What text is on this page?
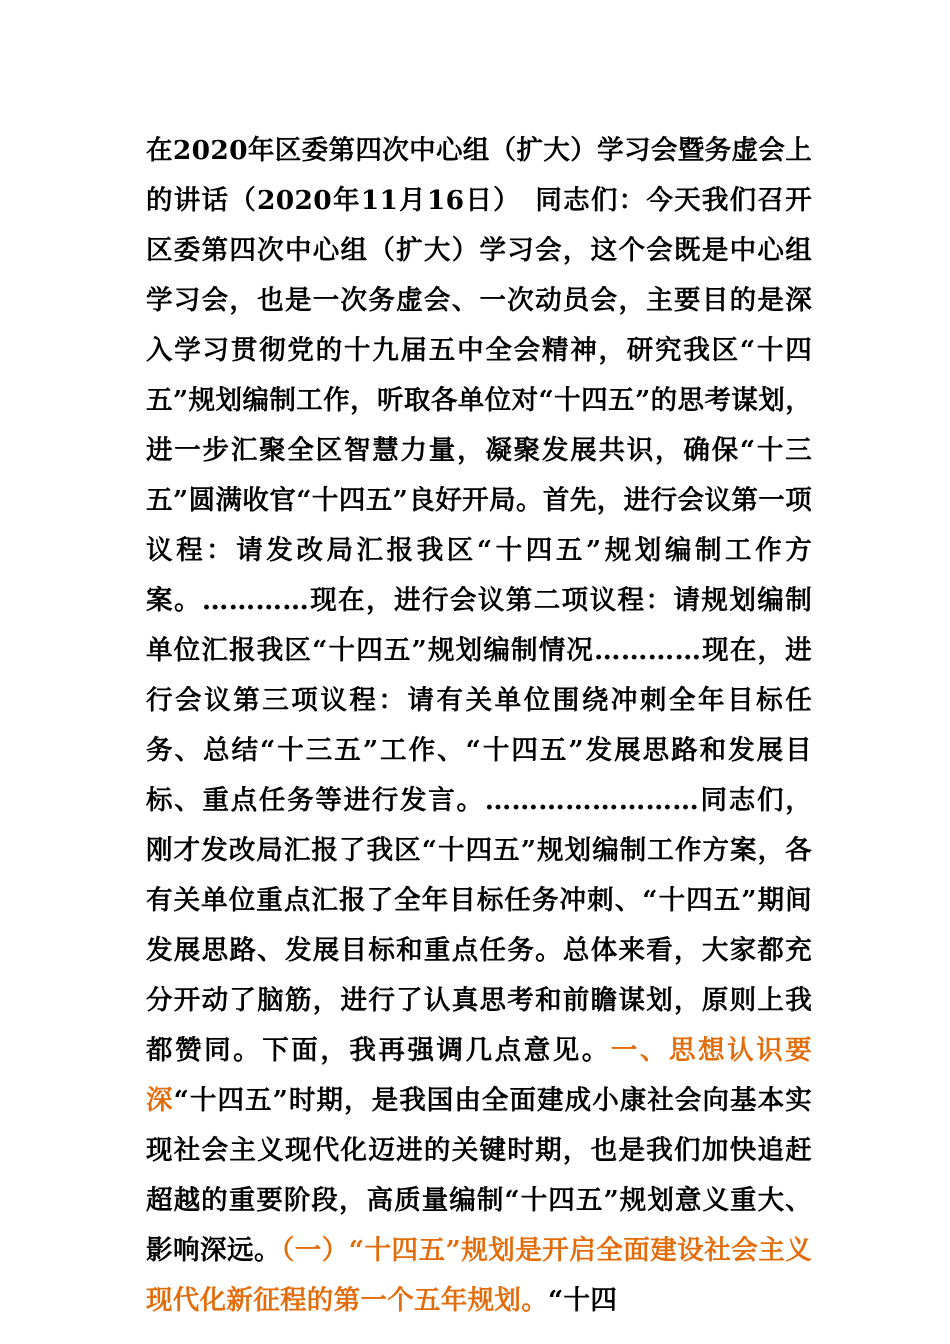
在2020年区委第四次中心组（扩大）学习会暨务虚会上的讲话（2020年11月16日）　同志们：今天我们召开区委第四次中心组（扩大）学习会，这个会既是中心组学习会，也是一次务虚会、一次动员会，主要目的是深入学习贯彻党的十九届五中全会精神，研究我区“十四五”规划编制工作，听取各单位对“十四五”的思考谋划，进一步汇聚全区智慧力量，凝聚发展共识，确保“十三五”圆满收官“十四五”良好开局。首先，进行会议第一项议程：请发改局汇报我区“十四五”规划编制工作方案。…………现在，进行会议第二项议程：请规划编制单位汇报我区“十四五”规划编制情况…………现在，进行会议第三项议程：请有关单位围绕冲刺全年目标任务、总结“十三五”工作、“十四五”发展思路和发展目标、重点任务等进行发言。……………………同志们，刚才发改局汇报了我区“十四五”规划编制工作方案，各有关单位重点汇报了全年目标任务冲刺、“十四五”期间发展思路、发展目标和重点任务。总体来看，大家都充分开动了脑筋，进行了认真思考和前瞻谋划，原则上我都赞同。下面，我再强调几点意见。一、思想认识要深“十四五”时期，是我国由全面建成小康社会向基本实现社会主义现代化迈进的关键时期，也是我们加快追赶超越的重要阶段，高质量编制“十四五”规划意义重大、影响深远。（一）“十四五”规划是开启全面建设社会主义现代化新征程的第一个五年规划。“十四
